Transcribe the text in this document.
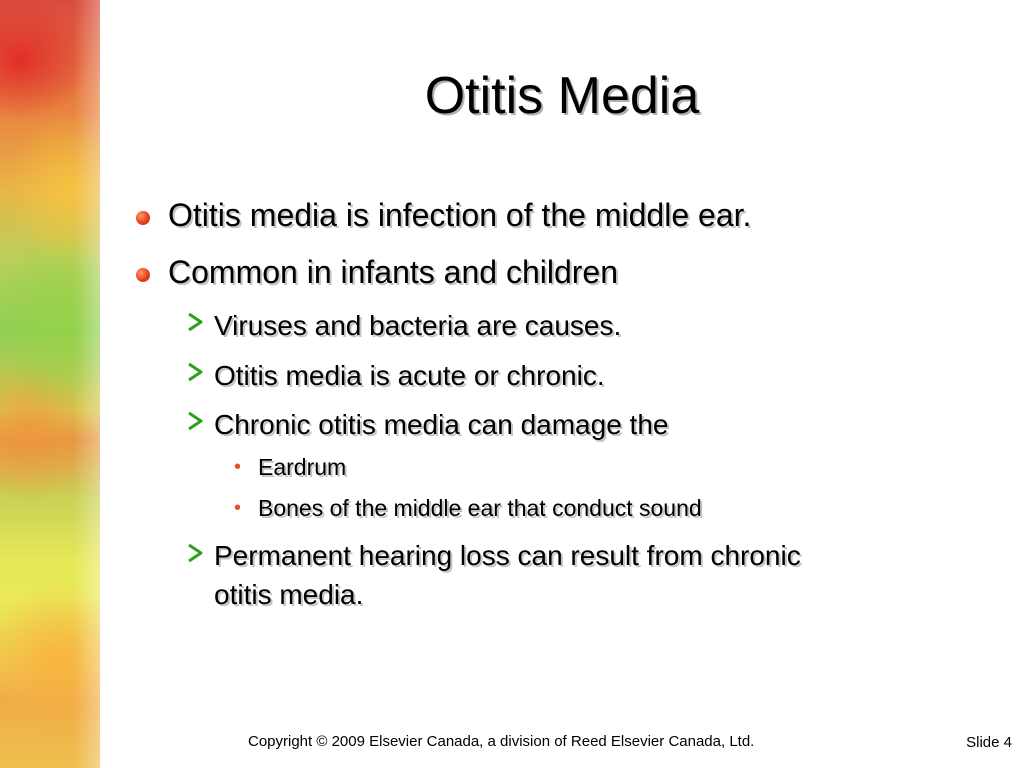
Otitis Media
Otitis media is infection of the middle ear.
Common in infants and children
Viruses and bacteria are causes.
Otitis media is acute or chronic.
Chronic otitis media can damage the
• Eardrum
• Bones of the middle ear that conduct sound
Permanent hearing loss can result from chronic
otitis media.
Copyright © 2009 Elsevier Canada, a division of Reed Elsevier Canada, Ltd.	Slide 4
